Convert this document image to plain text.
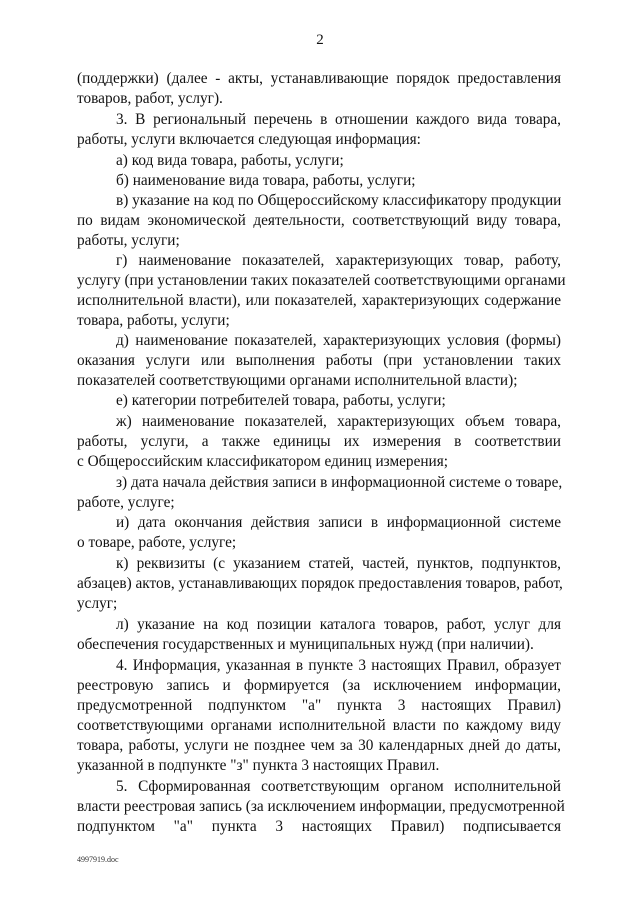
2
(поддержки) (далее - акты, устанавливающие порядок предоставления
товаров, работ, услуг).
3. В региональный перечень в отношении каждого вида товара,
работы, услуги включается следующая информация:
а) код вида товара, работы, услуги;
б) наименование вида товара, работы, услуги;
в) указание на код по Общероссийскому классификатору продукции
по видам экономической деятельности, соответствующий виду товара,
работы, услуги;
г) наименование показателей, характеризующих товар, работу,
услугу (при установлении таких показателей соответствующими органами
исполнительной власти), или показателей, характеризующих содержание
товара, работы, услуги;
д) наименование показателей, характеризующих условия (формы)
оказания услуги или выполнения работы (при установлении таких
показателей соответствующими органами исполнительной власти);
е) категории потребителей товара, работы, услуги;
ж) наименование показателей, характеризующих объем товара,
работы, услуги, а также единицы их измерения в соответствии
с Общероссийским классификатором единиц измерения;
з) дата начала действия записи в информационной системе о товаре,
работе, услуге;
и) дата окончания действия записи в информационной системе
о товаре, работе, услуге;
к) реквизиты (с указанием статей, частей, пунктов, подпунктов,
абзацев) актов, устанавливающих порядок предоставления товаров, работ,
услуг;
л) указание на код позиции каталога товаров, работ, услуг для
обеспечения государственных и муниципальных нужд (при наличии).
4. Информация, указанная в пункте 3 настоящих Правил, образует
реестровую запись и формируется (за исключением информации,
предусмотренной подпунктом "а" пункта 3 настоящих Правил)
соответствующими органами исполнительной власти по каждому виду
товара, работы, услуги не позднее чем за 30 календарных дней до даты,
указанной в подпункте "з" пункта 3 настоящих Правил.
5. Сформированная соответствующим органом исполнительной
власти реестровая запись (за исключением информации, предусмотренной
подпунктом "а" пункта 3 настоящих Правил) подписывается
4997919.doc
